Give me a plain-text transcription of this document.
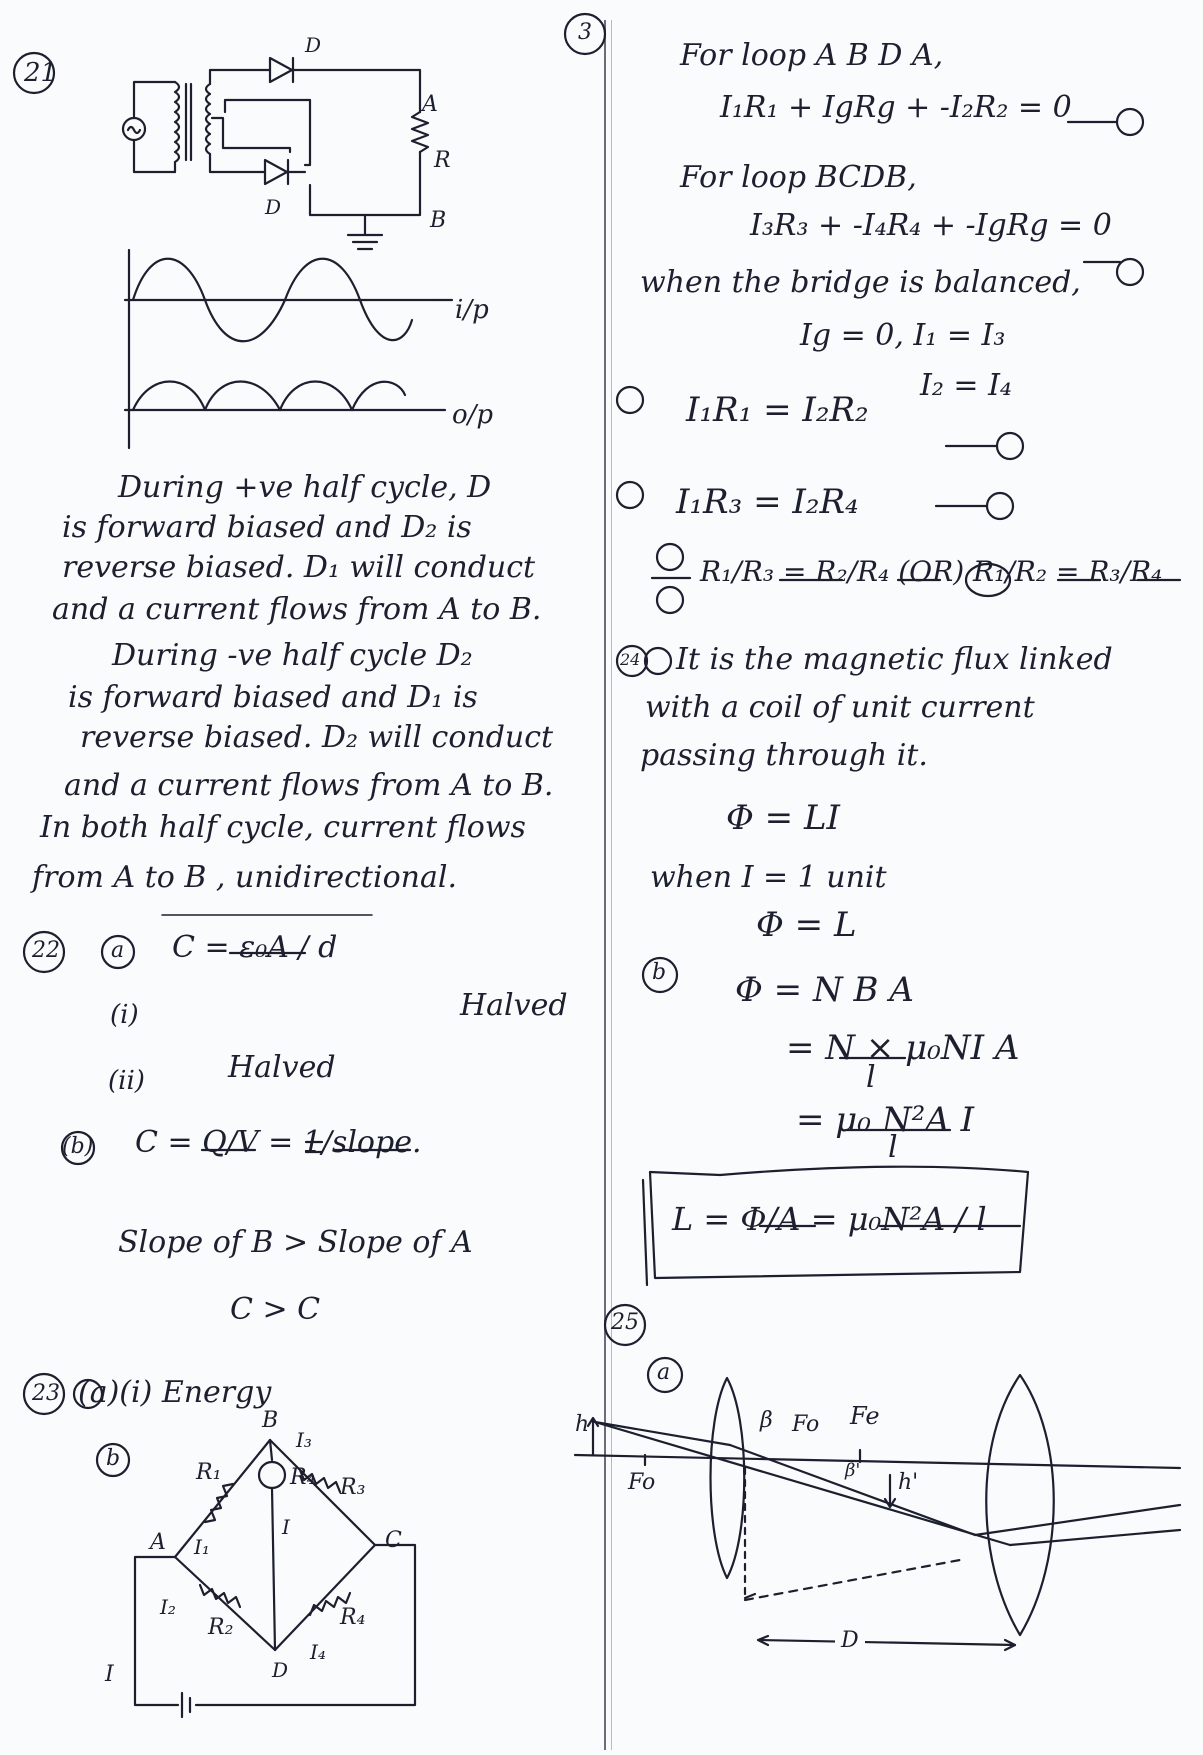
21
D
D
A
B
R
i/p
o/p
During +ve half cycle, D
is forward biased and D₂ is
reverse biased. D₁ will conduct
and a current flows from A to B.
During -ve half cycle D₂
is forward biased and D₁ is
reverse biased. D₂ will conduct
and a current flows from A to B.
In both half cycle, current flows
from A to B , unidirectional.
22 a C = ε₀A / d
(i)	Halved
(ii)	Halved
(b) C = Q/V = 1/slope.
Slope of B > Slope of A
C > C
23 (a)(i) Energy
b
B
R₁
I₃
R₃
R₄
I
C
A I₁
I₂
R₂	R₄
I₄
D
I
3
For loop A B D A,
I₁R₁ + IgRg + -I₂R₂ = 0
For loop BCDB,
I₃R₃ + -I₄R₄ + -IgRg = 0
when the bridge is balanced,
Ig = 0, I₁ = I₃
I₂ = I₄
I₁R₁ = I₂R₂
I₁R₃ = I₂R₄
R₁/R₃ = R₂/R₄ (OR) R₁/R₂ = R₃/R₄
24 It is the magnetic flux linked
with a coil of unit current
passing through it.
Φ = LI
when I = 1 unit
Φ = L
b Φ = N B A
= N × μ₀NI A
l
= μ₀ N²A I
l
L = Φ/A = μ₀N²A / l
25
a
h	β Fo Fe
Fo	β' h'
D
